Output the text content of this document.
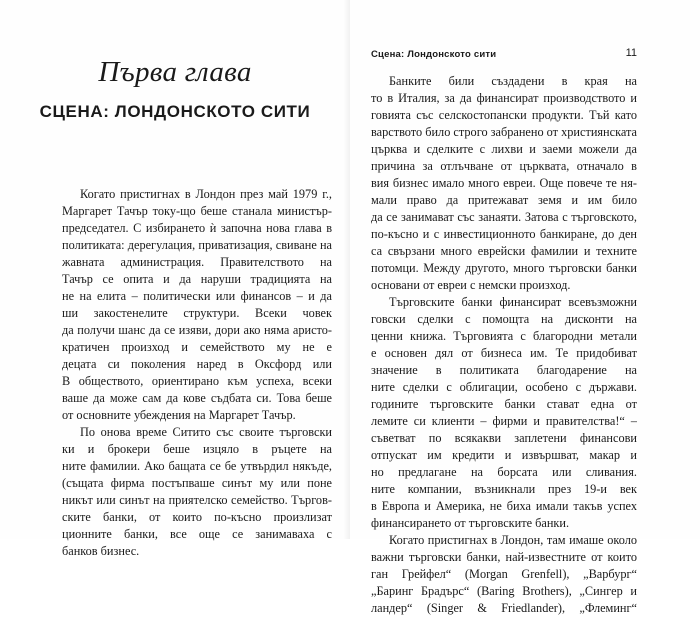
Първа глава
СЦЕНА: ЛОНДОНСКОТО СИТИ
Когато пристигнах в Лондон през май 1979 г.,
Маргарет Тачър току-що беше станала министър-
председател. С избирането ѝ започна нова глава в
политиката: дерегулация, приватизация, свиване на
жавната администрация. Правителството на
Тачър се опита и да наруши традицията на
не на елита – политически или финансов – и да
ши закостенелите структури. Всеки човек
да получи шанс да се изяви, дори ако няма аристо-
кратичен произход и семейството му не е
децата си поколения наред в Оксфорд или
В обществото, ориентирано към успеха, всеки
ваше да може сам да кове съдбата си. Това беше
от основните убеждения на Маргарет Тачър.
По онова време Ситито със своите търговски
ки и брокери беше изцяло в ръцете на
ните фамилии. Ако бащата се бе утвърдил някъде,
(същата фирма постъпваше синът му или поне
никът или синът на приятелско семейство. Търгов-
ските банки, от които по-късно произлизат
ционните банки, все още се занимаваха с
банков бизнес.
Сцена: Лондонското сити	11
Банките били създадени в края на
то в Италия, за да финансират производството и
говията със селскостопански продукти. Тъй като
варството било строго забранено от християнската
църква и сделките с лихви и заеми можели да
причина за отлъчване от църквата, отначало в
вия бизнес имало много евреи. Още повече те ня-
мали право да притежават земя и им било
да се занимават със занаяти. Затова с търговското,
по-късно и с инвестиционното банкиране, до ден
са свързани много еврейски фамилии и техните
потомци. Между другото, много търговски банки
основани от евреи с немски произход.
Търговските банки финансират всевъзможни
говски сделки с помощта на дисконти на
ценни книжа. Търговията с благородни метали
е основен дял от бизнеса им. Те придобиват
значение в политиката благодарение на
ните сделки с облигации, особено с държави.
годините търговските банки стават една от
лемите си клиенти – фирми и правителства!“ –
съветват по всякакви заплетени финансови
отпускат им кредити и извършват, макар и
но предлагане на борсата или сливания.
ните компании, възникнали през 19-и век
в Европа и Америка, не биха имали такъв успех
финансирането от търговските банки.
Когато пристигнах в Лондон, там имаше около
важни търговски банки, най-известните от които
ган Грейфел“ (Morgan Grenfell), „Варбург“
„Баринг Брадърс“ (Baring Brothers), „Сингер и
ландер“ (Singer & Friedlander), „Флеминг“
